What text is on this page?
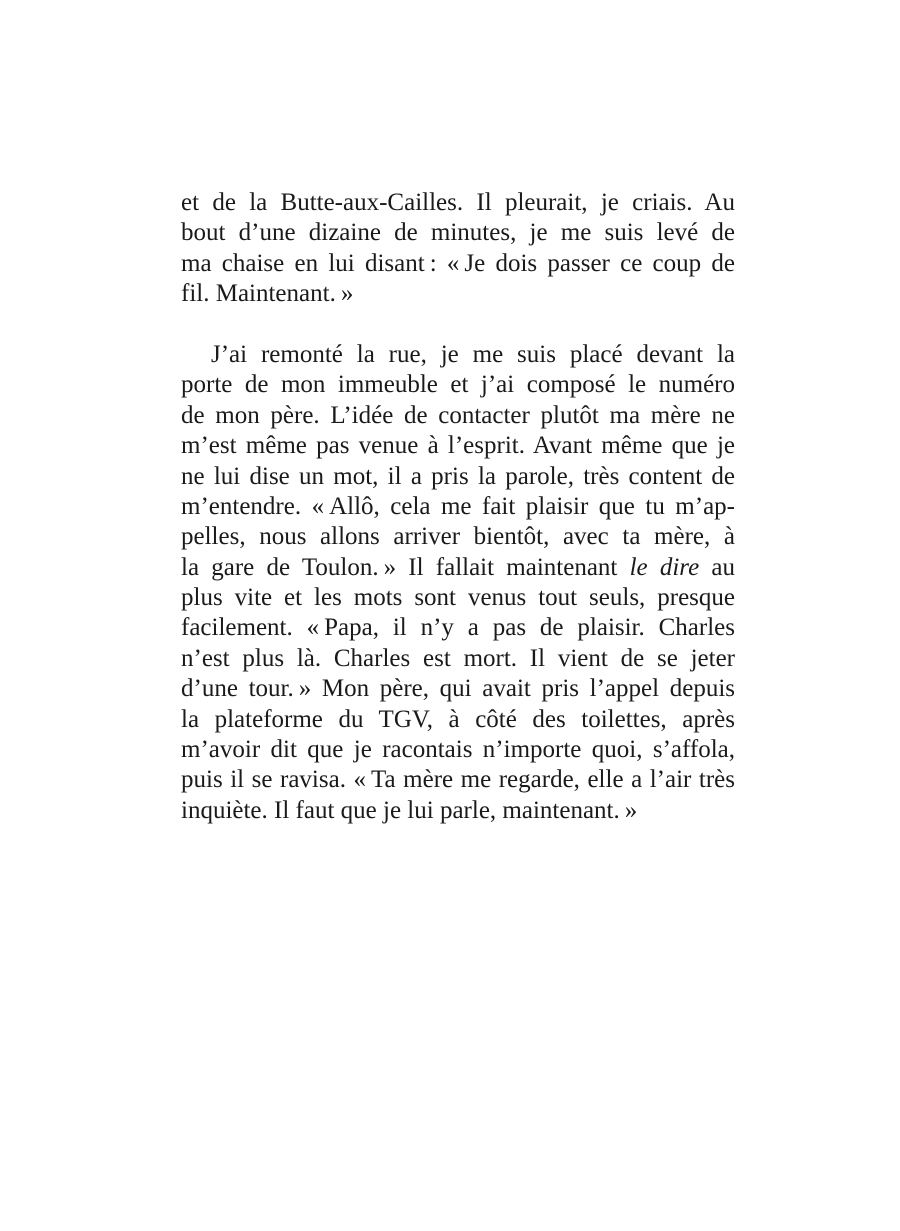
et de la Butte-aux-Cailles. Il pleurait, je criais. Au
bout d’une dizaine de minutes, je me suis levé de
ma chaise en lui disant : « Je dois passer ce coup de
fil. Maintenant. »
J’ai remonté la rue, je me suis placé devant la
porte de mon immeuble et j’ai composé le numéro
de mon père. L’idée de contacter plutôt ma mère ne
m’est même pas venue à l’esprit. Avant même que je
ne lui dise un mot, il a pris la parole, très content de
m’entendre. « Allô, cela me fait plaisir que tu m’ap-
pelles, nous allons arriver bientôt, avec ta mère, à
la gare de Toulon. » Il fallait maintenant le dire au
plus vite et les mots sont venus tout seuls, presque
facilement. « Papa, il n’y a pas de plaisir. Charles
n’est plus là. Charles est mort. Il vient de se jeter
d’une tour. » Mon père, qui avait pris l’appel depuis
la plateforme du TGV, à côté des toilettes, après
m’avoir dit que je racontais n’importe quoi, s’affola,
puis il se ravisa. « Ta mère me regarde, elle a l’air très
inquiète. Il faut que je lui parle, maintenant. »
